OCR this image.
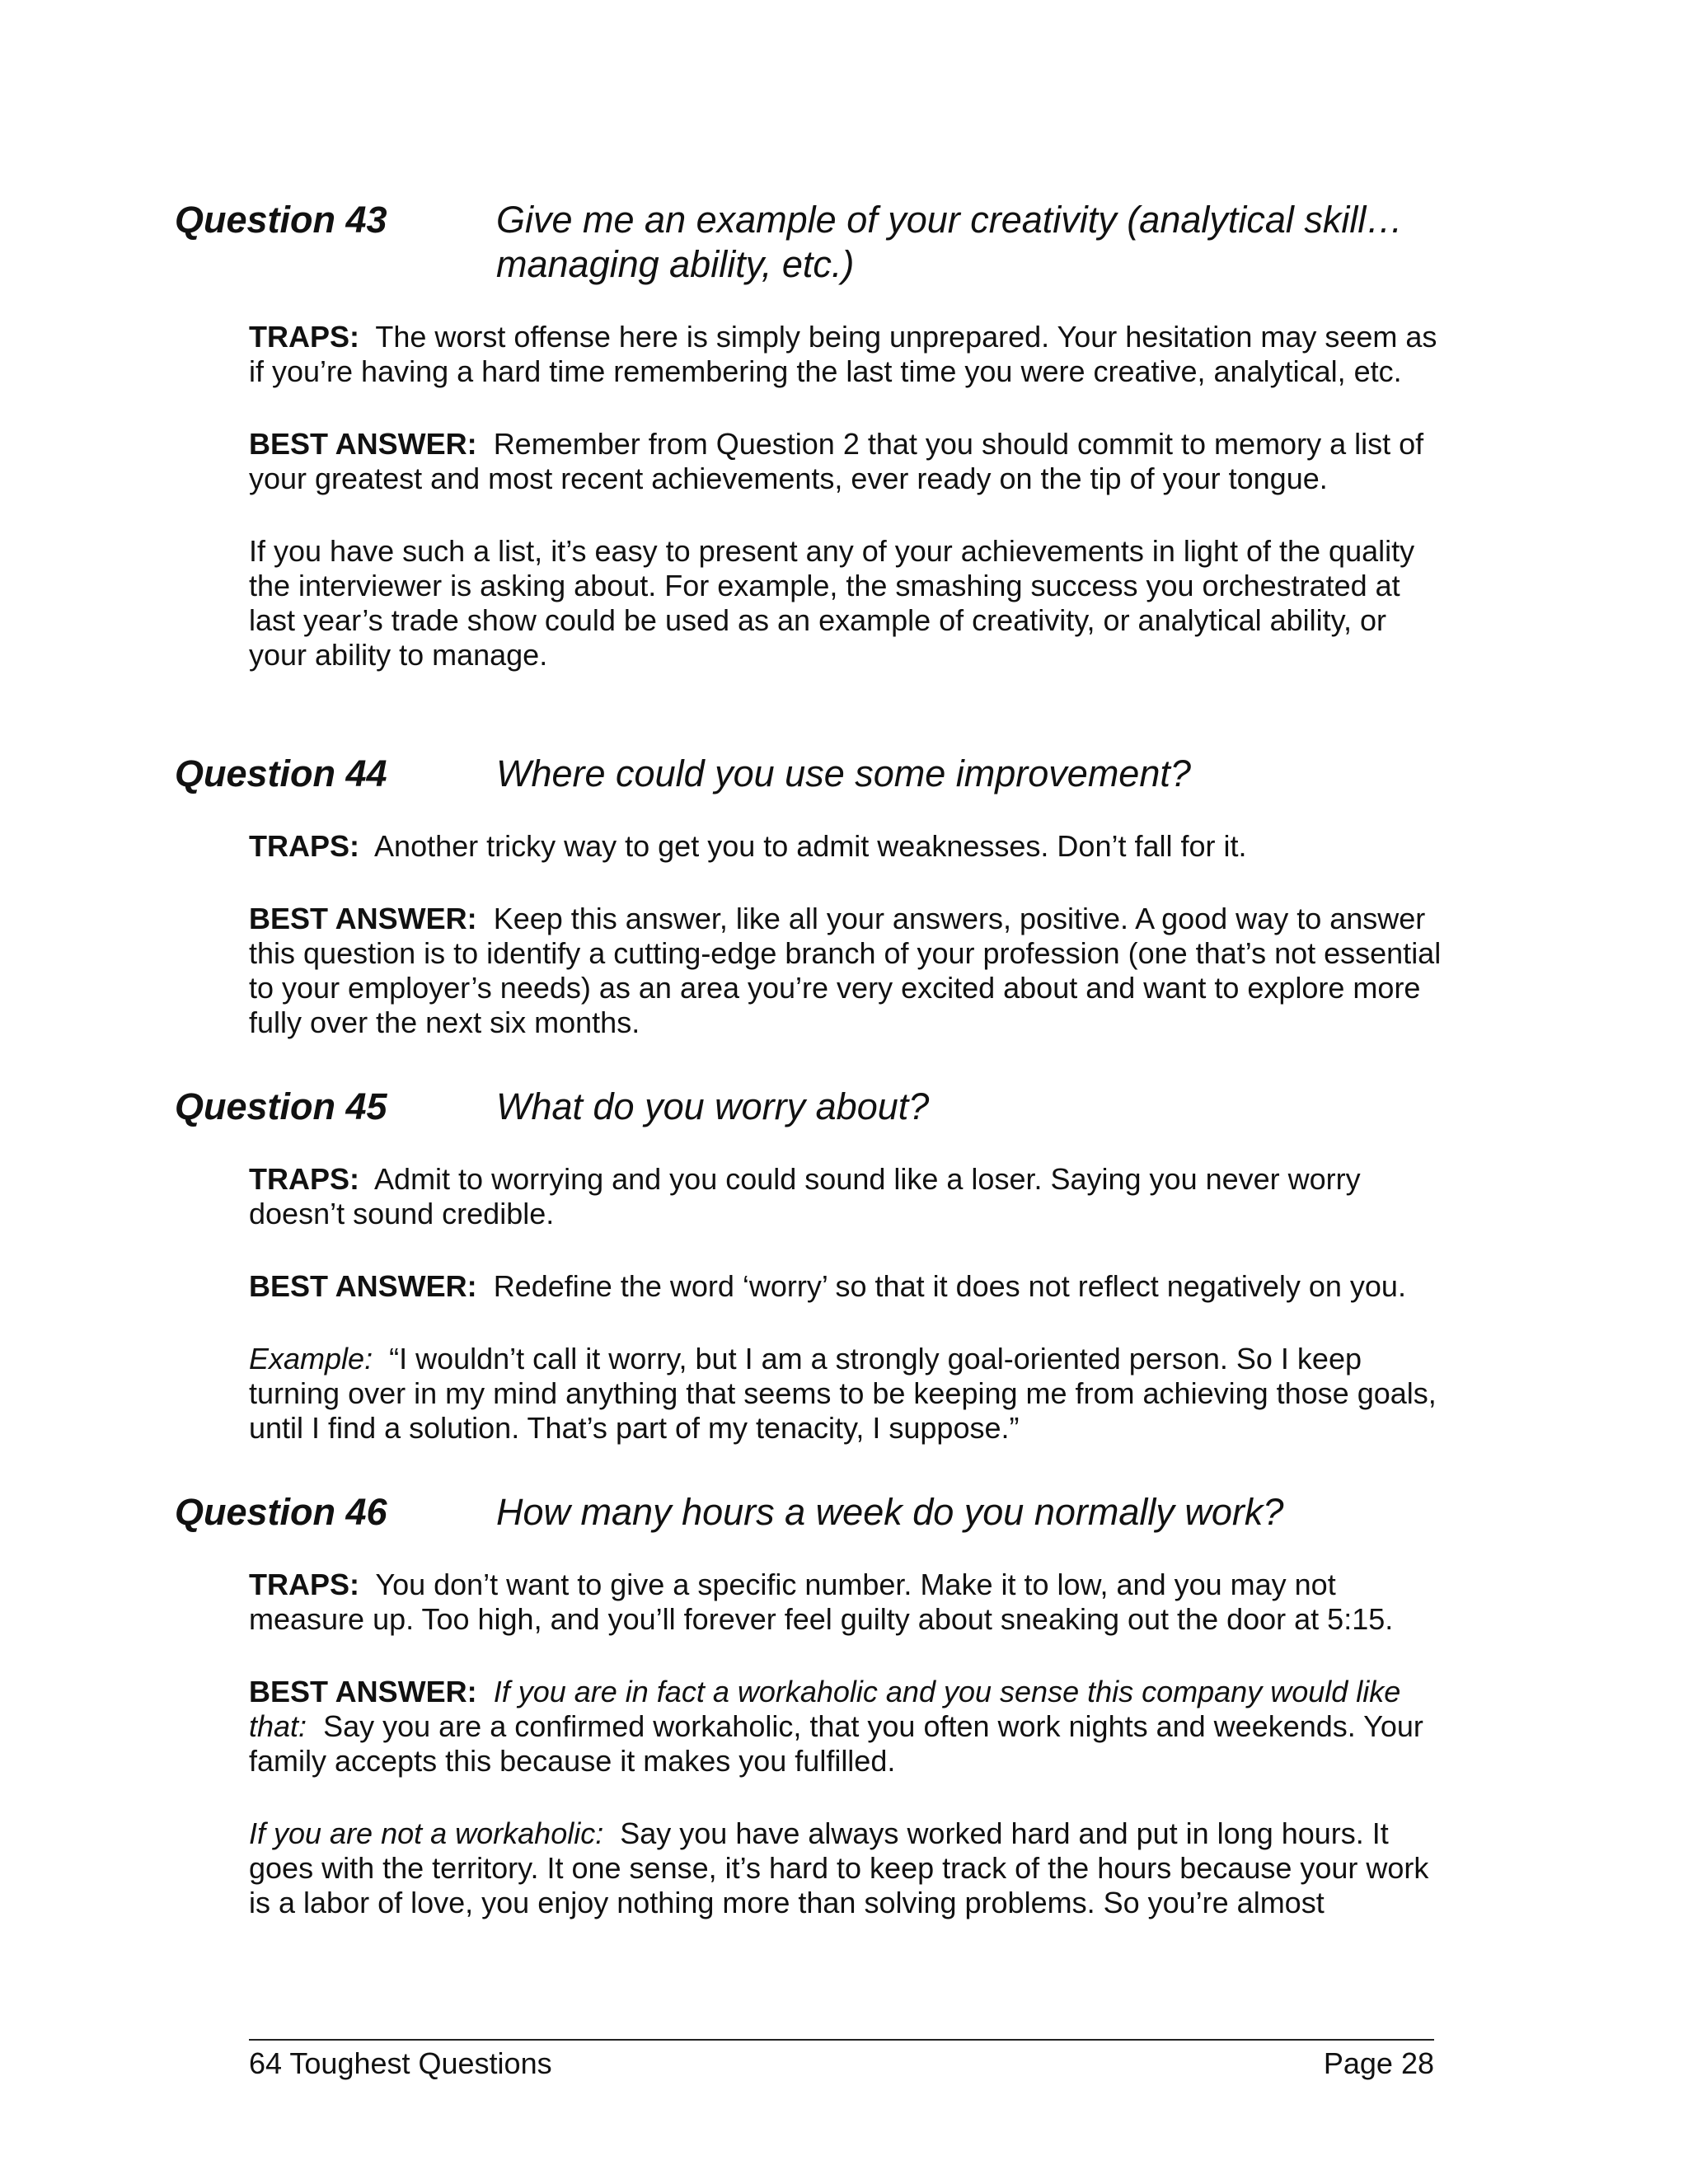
Question 43	Give me an example of your creativity (analytical skill…managing ability, etc.)

TRAPS: The worst offense here is simply being unprepared. Your hesitation may seem as if you’re having a hard time remembering the last time you were creative, analytical, etc.

BEST ANSWER: Remember from Question 2 that you should commit to memory a list of your greatest and most recent achievements, ever ready on the tip of your tongue.

If you have such a list, it’s easy to present any of your achievements in light of the quality the interviewer is asking about. For example, the smashing success you orchestrated at last year’s trade show could be used as an example of creativity, or analytical ability, or your ability to manage.

Question 44	Where could you use some improvement?

TRAPS: Another tricky way to get you to admit weaknesses. Don’t fall for it.

BEST ANSWER: Keep this answer, like all your answers, positive. A good way to answer this question is to identify a cutting-edge branch of your profession (one that’s not essential to your employer’s needs) as an area you’re very excited about and want to explore more fully over the next six months.

Question 45	What do you worry about?

TRAPS: Admit to worrying and you could sound like a loser. Saying you never worry doesn’t sound credible.

BEST ANSWER: Redefine the word ‘worry’ so that it does not reflect negatively on you.

Example: “I wouldn’t call it worry, but I am a strongly goal-oriented person. So I keep turning over in my mind anything that seems to be keeping me from achieving those goals, until I find a solution. That’s part of my tenacity, I suppose.”

Question 46	How many hours a week do you normally work?

TRAPS: You don’t want to give a specific number. Make it to low, and you may not measure up. Too high, and you’ll forever feel guilty about sneaking out the door at 5:15.

BEST ANSWER: If you are in fact a workaholic and you sense this company would like that: Say you are a confirmed workaholic, that you often work nights and weekends. Your family accepts this because it makes you fulfilled.

If you are not a workaholic: Say you have always worked hard and put in long hours. It goes with the territory. It one sense, it’s hard to keep track of the hours because your work is a labor of love, you enjoy nothing more than solving problems. So you’re almost

64 Toughest Questions	Page 28
